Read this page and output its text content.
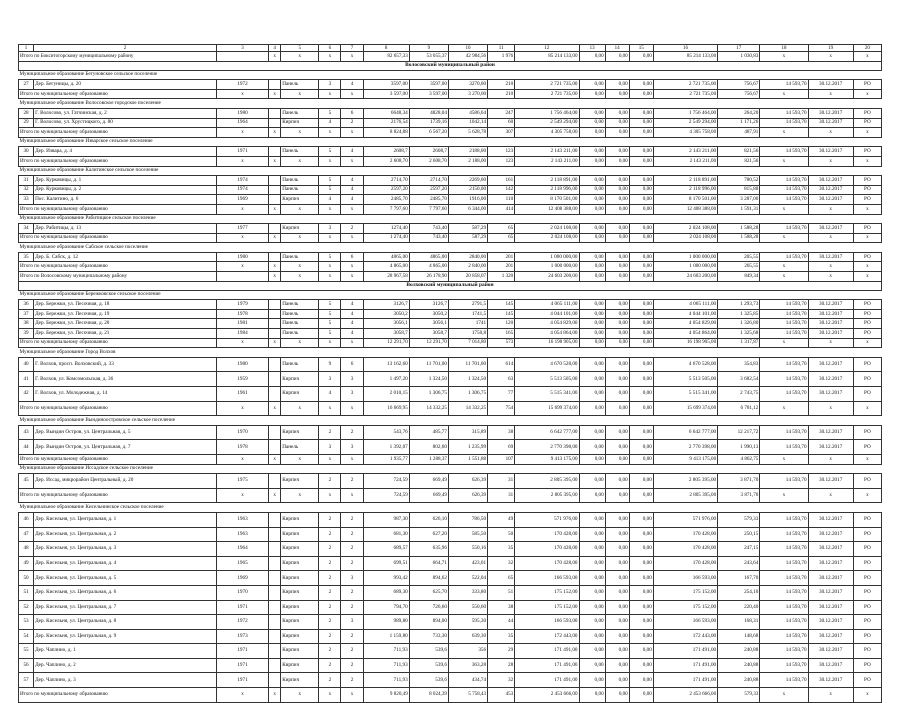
1	2	3	4	5	6	7	8	9	10	11	12	13	14	15	16	17	18	19	20
Итого по Бокситогорскому муниципальному району			х	х	х	х	82 657,33	53 055,37	42 984,56	1 976	85 214 133,00	0,00	0,00	0,00	85 214 133,00	1 030,83	х	х	х
Волосовский муниципальный район																			
Муниципальное образование Бегуновское сельское поселение																			
27	Дер. Бегуницы, д. 20	1972		Панель	3	4	3597,00	3597,00	3270,00	210	2 721 735,00	0,00	0,00	0,00	2 721 735,00	756,67	14 593,70	30.12.2017	РО
Итого по муниципальному образованию		х	х	х	х	х	3 597,00	3 597,00	3 270,00	210	2 721 735,00	0,00	0,00	0,00	2 721 735,00	756,67	х	х	х
Муниципальное образование Волосовское городское поселение																			
28	Г. Волосово, ул. Гатчинская, д. 2	1980		Панель	5	6	6648,34	4828,04	4586,64	247	1 756 464,00	0,00	0,00	0,00	1 756 464,00	264,20	14 593,70	30.12.2017	РО
29	Г. Волосово, ул. Хрустицкого, д. 80	1964		Кирпич	4	2	2176,54	1739,16	1042,14	60	2 549 294,00	0,00	0,00	0,00	2 549 294,00	1 171,26	14 593,70	30.12.2017	РО
Итого по муниципальному образованию		х	х	х	х	х	8 824,88	6 567,20	5 628,78	307	4 305 758,00	0,00	0,00	0,00	4 305 758,00	487,91	х	х	х
Муниципальное образование Изварское сельское поселение																			
30	Дер. Извара, д. 4	1971		Панель	5	4	2608,7	2608,7	2188,00	123	2 143 211,00	0,00	0,00	0,00	2 143 211,00	821,56	14 593,70	30.12.2017	РО
Итого по муниципальному образованию		х	х	х	х	х	2 608,70	2 608,70	2 188,00	123	2 143 211,00	0,00	0,00	0,00	2 143 211,00	821,56	х	х	х
Муниципальное образование Калитинское сельское поселение																			
31	Дер. Курковицы, д. 1	1974		Панель	5	4	2714,70	2714,70	2269,00	161	2 118 891,00	0,00	0,00	0,00	2 118 891,00	780,52	14 593,70	30.12.2017	РО
32	Дер. Курковицы, д. 2	1974		Панель	5	4	2597,20	2597,20	2150,00	142	2 118 996,00	0,00	0,00	0,00	2 118 996,00	815,88	14 593,70	30.12.2017	РО
33	Пос. Калитино, д. 6	1969		Кирпич	4	4	2485,70	2485,70	1916,00	110	8 170 501,00	0,00	0,00	0,00	8 170 501,00	3 287,00	14 593,70	30.12.2017	РО
Итого по муниципальному образованию		х	х	х	х	х	7 797,60	7 797,60	6 344,00	414	12 408 388,00	0,00	0,00	0,00	12 408 388,00	1 591,31	х	х	х
Муниципальное образование Рабитицкое сельское поселение																			
34	Дер. Рабитицы, д. 13	1977		Кирпич	3	2	1274,40	743,40	587,29	65	2 024 108,00	0,00	0,00	0,00	2 024 108,00	1 588,28	14 593,70	30.12.2017	РО
Итого по муниципальному образованию		х	х	х	х	х	1 274,40	743,40	587,29	65	2 024 108,00	0,00	0,00	0,00	2 024 108,00	1 588,28	х	х	х
Муниципальное образование Сабское сельское поселение																			
35	Дер. Б. Сабск, д. 12	1980		Панель	5	6	4865,00	4865,00	2840,00	201	1 000 000,00	0,00	0,00	0,00	1 000 000,00	205,55	14 593,70	30.12.2017	РО
Итого по муниципальному образованию		х	х	х	х	х	4 865,00	4 865,00	2 840,00	201	1 000 000,00	0,00	0,00	0,00	1 000 000,00	205,55	х	х	х
Итого по Волосовскому муниципальному району			х	х	х	х	28 967,58	26 178,90	20 858,07	1 320	24 603 200,00	0,00	0,00	0,00	24 603 200,00	849,34	х	х	х
Волховский муниципальный район																			
Муниципальное образование Бережковское сельское поселение																			
36	Дер. Бережки, ул. Песочная, д. 18	1979		Панель	5	4	3126,7	3126,7	2791,5	145	4 065 111,00	0,00	0,00	0,00	4 065 111,00	1 293,73	14 593,70	30.12.2017	РО
37	Дер. Бережки, ул. Песочная, д. 19	1978		Панель	5	4	3050,2	3050,2	1741,5	145	4 044 101,00	0,00	0,00	0,00	4 044 101,00	1 325,85	14 593,70	30.12.2017	РО
38	Дер. Бережки, ул. Песочная, д. 20	1981		Панель	5	4	3056,1	3056,1	1741	120	4 054 829,00	0,00	0,00	0,00	4 054 829,00	1 326,80	14 593,70	30.12.2017	РО
39	Дер. Бережки, ул. Песочная, д. 21	1984		Панель	5	4	3058,7	3058,7	1750,8	165	4 054 864,00	0,00	0,00	0,00	4 054 864,00	1 325,68	14 593,70	30.12.2017	РО
Итого по муниципальному образованию		х	х	х	х	х	12 291,70	12 291,70	7 014,80	573	16 198 905,00	0,00	0,00	0,00	16 198 905,00	1 317,87	х	х	х
Муниципальное образование Город Волхов																			
40	Г. Волхов, просп. Волховский, д. 33	1980		Панель	9	6	13 162,60	11 701,00	11 701,00	614	4 670 528,00	0,00	0,00	0,00	4 670 528,00	354,83	14 593,70	30.12.2017	РО
41	Г. Волхов, ул. Комсомольская, д. 36	1959		Кирпич	3	3	1 497,20	1 324,50	1 324,50	63	5 513 505,00	0,00	0,00	0,00	5 513 505,00	3 682,54	14 593,70	30.12.2017	РО
42	Г. Волхов, ул. Молодежная, д. 14	1961		Кирпич	4	3	2 010,15	1 306,75	1 306,75	77	5 515 341,00	0,00	0,00	0,00	5 515 341,00	2 743,75	14 593,70	30.12.2017	РО
Итого по муниципальному образованию		х	х	х	х	х	16 669,95	14 332,25	14 332,25	754	15 699 374,00	0,00	0,00	0,00	15 699 374,00	6 781,12	х	х	х
Муниципальное образование Вындиноостровское сельское поселение																			
43	Дер. Вындин Остров, ул. Центральная, д. 5	1970		Кирпич	2	2	543,76	485,77	315,89	38	6 642 777,00	0,00	0,00	0,00	6 642 777,00	12 217,72	14 593,70	30.12.2017	РО
44	Дер. Вындин Остров, ул. Центральная, д. 7	1978		Панель	3	3	1 392,07	802,60	1 235,99	69	2 770 398,00	0,00	0,00	0,00	2 770 398,00	1 990,13	14 593,70	30.12.2017	РО
Итого по муниципальному образованию		х	х	х	х	х	1 935,77	1 288,37	1 551,88	107	9 413 175,00	0,00	0,00	0,00	9 413 175,00	4 862,75	х	х	х
Муниципальное образование Иссадское сельское поселение																			
45	Дер. Иссад, микрорайон Центральный, д. 20	1975		Кирпич	2	2	724,59	669,49	626,39	31	2 805 395,00	0,00	0,00	0,00	2 805 395,00	3 871,70	14 593,70	30.12.2017	РО
Итого по муниципальному образованию		х	х	х	х	х	724,59	669,49	626,39	31	2 805 395,00	0,00	0,00	0,00	2 805 395,00	3 871,70	х	х	х
Муниципальное образование Кисельнинское сельское поселение																			
46	Дер. Кисельня, ул. Центральная, д. 1	1963		Кирпич	2	2	987,30	626,10	786,50	49	571 976,00	0,00	0,00	0,00	571 976,00	579,33	14 593,70	30.12.2017	РО
47	Дер. Кисельня, ул. Центральная, д. 2	1963		Кирпич	2	2	681,30	627,20	585,50	50	170 428,00	0,00	0,00	0,00	170 428,00	250,15	14 593,70	30.12.2017	РО
48	Дер. Кисельня, ул. Центральная, д. 3	1964		Кирпич	2	2	689,57	635,96	550,16	35	170 428,00	0,00	0,00	0,00	170 428,00	247,15	14 593,70	30.12.2017	РО
49	Дер. Кисельня, ул. Центральная, д. 4	1965		Кирпич	2	2	699,51	664,71	423,01	32	170 428,00	0,00	0,00	0,00	170 428,00	243,64	14 593,70	30.12.2017	РО
50	Дер. Кисельня, ул. Центральная, д. 5	1969		Кирпич	2	3	993,42	894,62	522,04	65	166 593,00	0,00	0,00	0,00	166 593,00	167,70	14 593,70	30.12.2017	РО
51	Дер. Кисельня, ул. Центральная, д. 6	1970		Кирпич	2	2	689,30	625,70	333,80	51	175 152,00	0,00	0,00	0,00	175 152,00	254,10	14 593,70	30.12.2017	РО
52	Дер. Кисельня, ул. Центральная, д. 7	1971		Кирпич	2	2	794,70	726,60	550,60	38	175 152,00	0,00	0,00	0,00	175 152,00	220,40	14 593,70	30.12.2017	РО
53	Дер. Кисельня, ул. Центральная, д. 8	1972		Кирпич	2	3	989,80	894,00	595,30	44	166 593,00	0,00	0,00	0,00	166 593,00	168,31	14 593,70	30.12.2017	РО
54	Дер. Кисельня, ул. Центральная, д. 9	1973		Кирпич	2	2	1 159,80	733,30	639,30	35	172 443,00	0,00	0,00	0,00	172 443,00	148,68	14 593,70	30.12.2017	РО
55	Дер. Чаплино, д. 1	1971		Кирпич	2	2	711,93	539,6	356	29	171 491,00	0,00	0,00	0,00	171 491,00	240,88	14 593,70	30.12.2017	РО
56	Дер. Чаплино, д. 2	1971		Кирпич	2	2	711,93	539,6	363,28	28	171 491,00	0,00	0,00	0,00	171 491,00	240,88	14 593,70	30.12.2017	РО
57	Дер. Чаплино, д. 3	1971		Кирпич	2	2	711,93	539,6	434,74	32	171 491,00	0,00	0,00	0,00	171 491,00	240,88	14 593,70	30.12.2017	РО
Итого по муниципальному образованию		х	х	х	х	х	9 820,49	8 024,39	5 758,43	453	2 453 666,00	0,00	0,00	0,00	2 453 666,00	579,33	х	х	х
